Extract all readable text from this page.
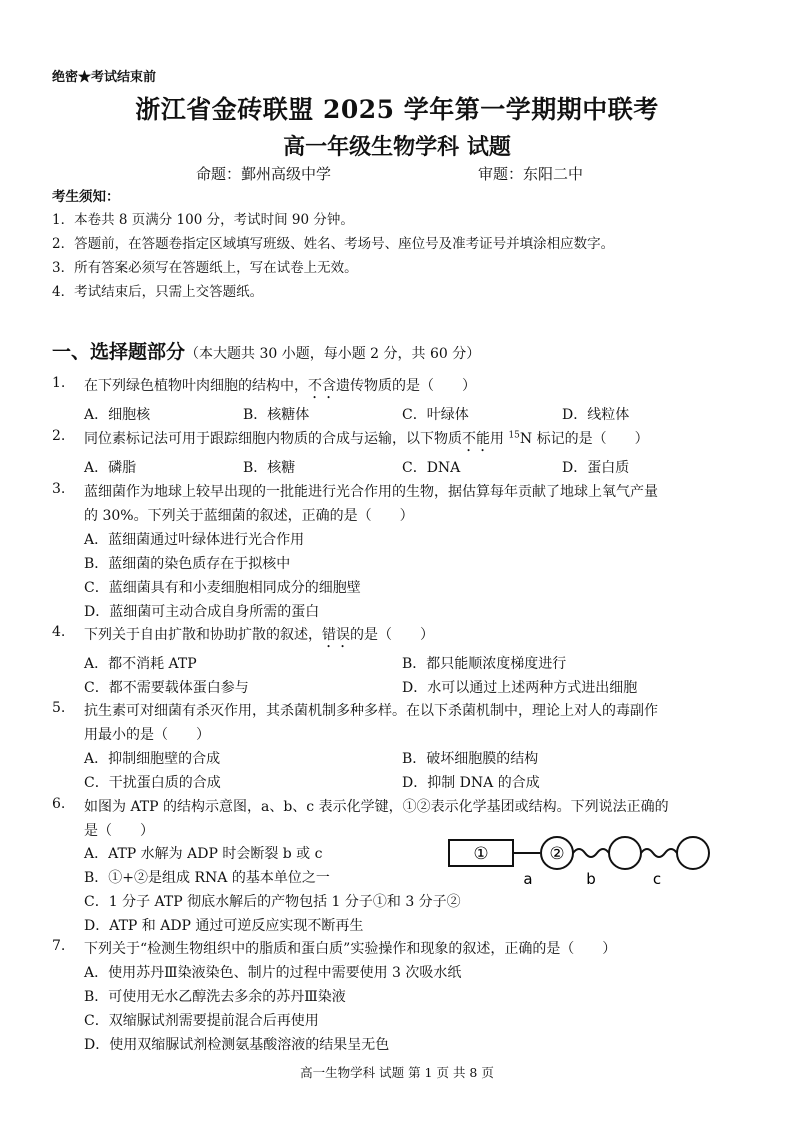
绝密★考试结束前
浙江省金砖联盟 2025 学年第一学期期中联考
高一年级生物学科 试题
命题：鄞州高级中学	审题：东阳二中
考生须知：
1．本卷共 8 页满分 100 分，考试时间 90 分钟。
2．答题前，在答题卷指定区域填写班级、姓名、考场号、座位号及准考证号并填涂相应数字。
3．所有答案必须写在答题纸上，写在试卷上无效。
4．考试结束后，只需上交答题纸。
一、选择题部分（本大题共 30 小题，每小题 2 分，共 60 分）
1. 在下列绿色植物叶肉细胞的结构中，不含遗传物质的是（　　）
A．细胞核	B．核糖体	C．叶绿体	D．线粒体
2. 同位素标记法可用于跟踪细胞内物质的合成与运输，以下物质不能用 $^{15}$N 标记的是（　　）
A．磷脂	B．核糖	C．DNA	D．蛋白质
3. 蓝细菌作为地球上较早出现的一批能进行光合作用的生物，据估算每年贡献了地球上氧气产量
的 30%。下列关于蓝细菌的叙述，正确的是（　　）
A．蓝细菌通过叶绿体进行光合作用
B．蓝细菌的染色质存在于拟核中
C．蓝细菌具有和小麦细胞相同成分的细胞壁
D．蓝细菌可主动合成自身所需的蛋白
4. 下列关于自由扩散和协助扩散的叙述，错误的是（　　）
A．都不消耗 ATP	B．都只能顺浓度梯度进行
C．都不需要载体蛋白参与	D．水可以通过上述两种方式进出细胞
5. 抗生素可对细菌有杀灭作用，其杀菌机制多种多样。在以下杀菌机制中，理论上对人的毒副作
用最小的是（　　）
A．抑制细胞壁的合成	B．破坏细胞膜的结构
C．干扰蛋白质的合成	D．抑制 DNA 的合成
6. 如图为 ATP 的结构示意图，a、b、c 表示化学键，①②表示化学基团或结构。下列说法正确的
是（　　）
A．ATP 水解为 ADP 时会断裂 b 或 c
B．①+②是组成 RNA 的基本单位之一
C．1 分子 ATP 彻底水解后的产物包括 1 分子①和 3 分子②
D．ATP 和 ADP 通过可逆反应实现不断再生
①	②
a	b	c
7. 下列关于“检测生物组织中的脂质和蛋白质”实验操作和现象的叙述，正确的是（　　）
A．使用苏丹Ⅲ染液染色、制片的过程中需要使用 3 次吸水纸
B．可使用无水乙醇洗去多余的苏丹Ⅲ染液
C．双缩脲试剂需要提前混合后再使用
D．使用双缩脲试剂检测氨基酸溶液的结果呈无色
高一生物学科 试题 第 1 页 共 8 页
